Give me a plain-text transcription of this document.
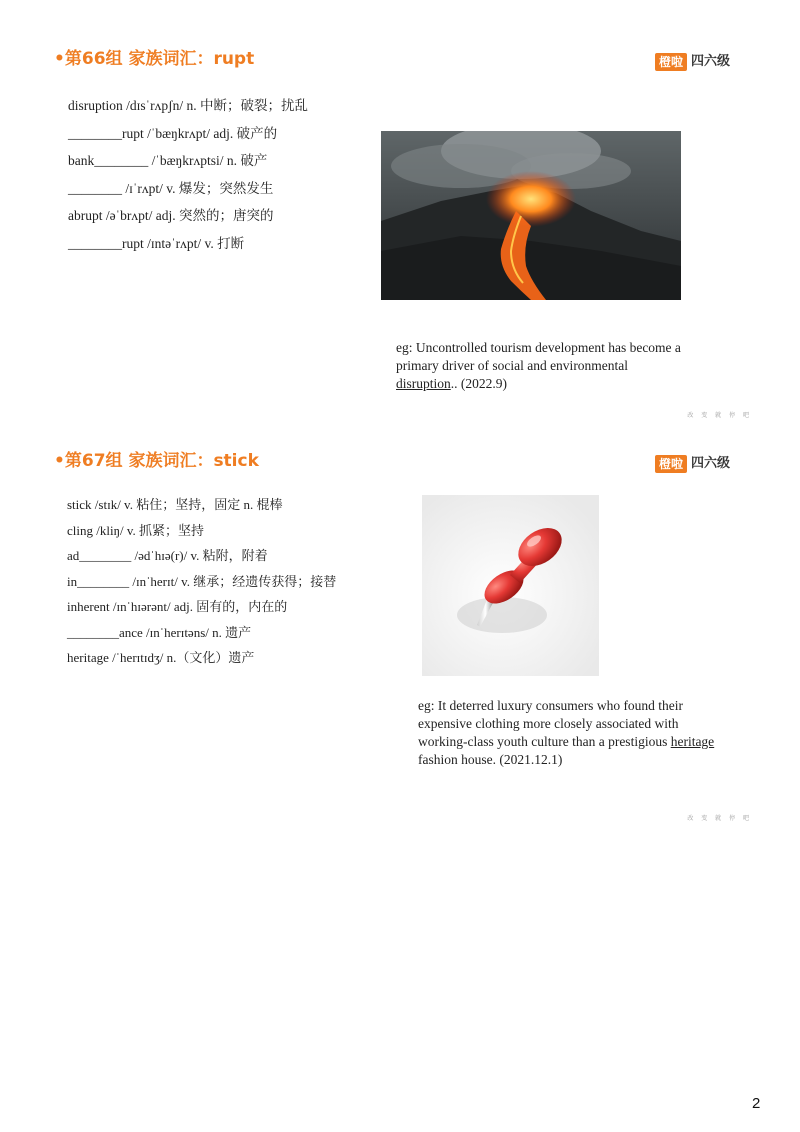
•第66组 家族词汇：rupt	橙啦 四六级
disruption /dɪsˈrʌpʃn/ n. 中断；破裂；扰乱
________rupt /ˈbæŋkrʌpt/ adj. 破产的
bank________ /ˈbæŋkrʌptsi/ n. 破产
________ /ɪˈrʌpt/ v. 爆发；突然发生
abrupt /əˈbrʌpt/ adj. 突然的；唐突的
________rupt /ɪntəˈrʌpt/ v. 打断
eg: Uncontrolled tourism development has become a primary driver of social and environmental disruption.. (2022.9)
改 变 就 停 吧
•第67组 家族词汇：stick	橙啦 四六级
stick /stɪk/ v. 粘住；坚持，固定 n. 棍棒
cling /kliŋ/ v. 抓紧；坚持
ad________ /ədˈhɪə(r)/ v. 粘附，附着
in________ /ɪnˈherɪt/ v. 继承；经遗传获得；接替
inherent /ɪnˈhɪərənt/ adj. 固有的，内在的
________ance /ɪnˈherɪtəns/ n. 遗产
heritage /ˈherɪtɪdʒ/ n.（文化）遗产
eg: It deterred luxury consumers who found their expensive clothing more closely associated with working-class youth culture than a prestigious heritage fashion house. (2021.12.1)
改 变 就 停 吧
2
